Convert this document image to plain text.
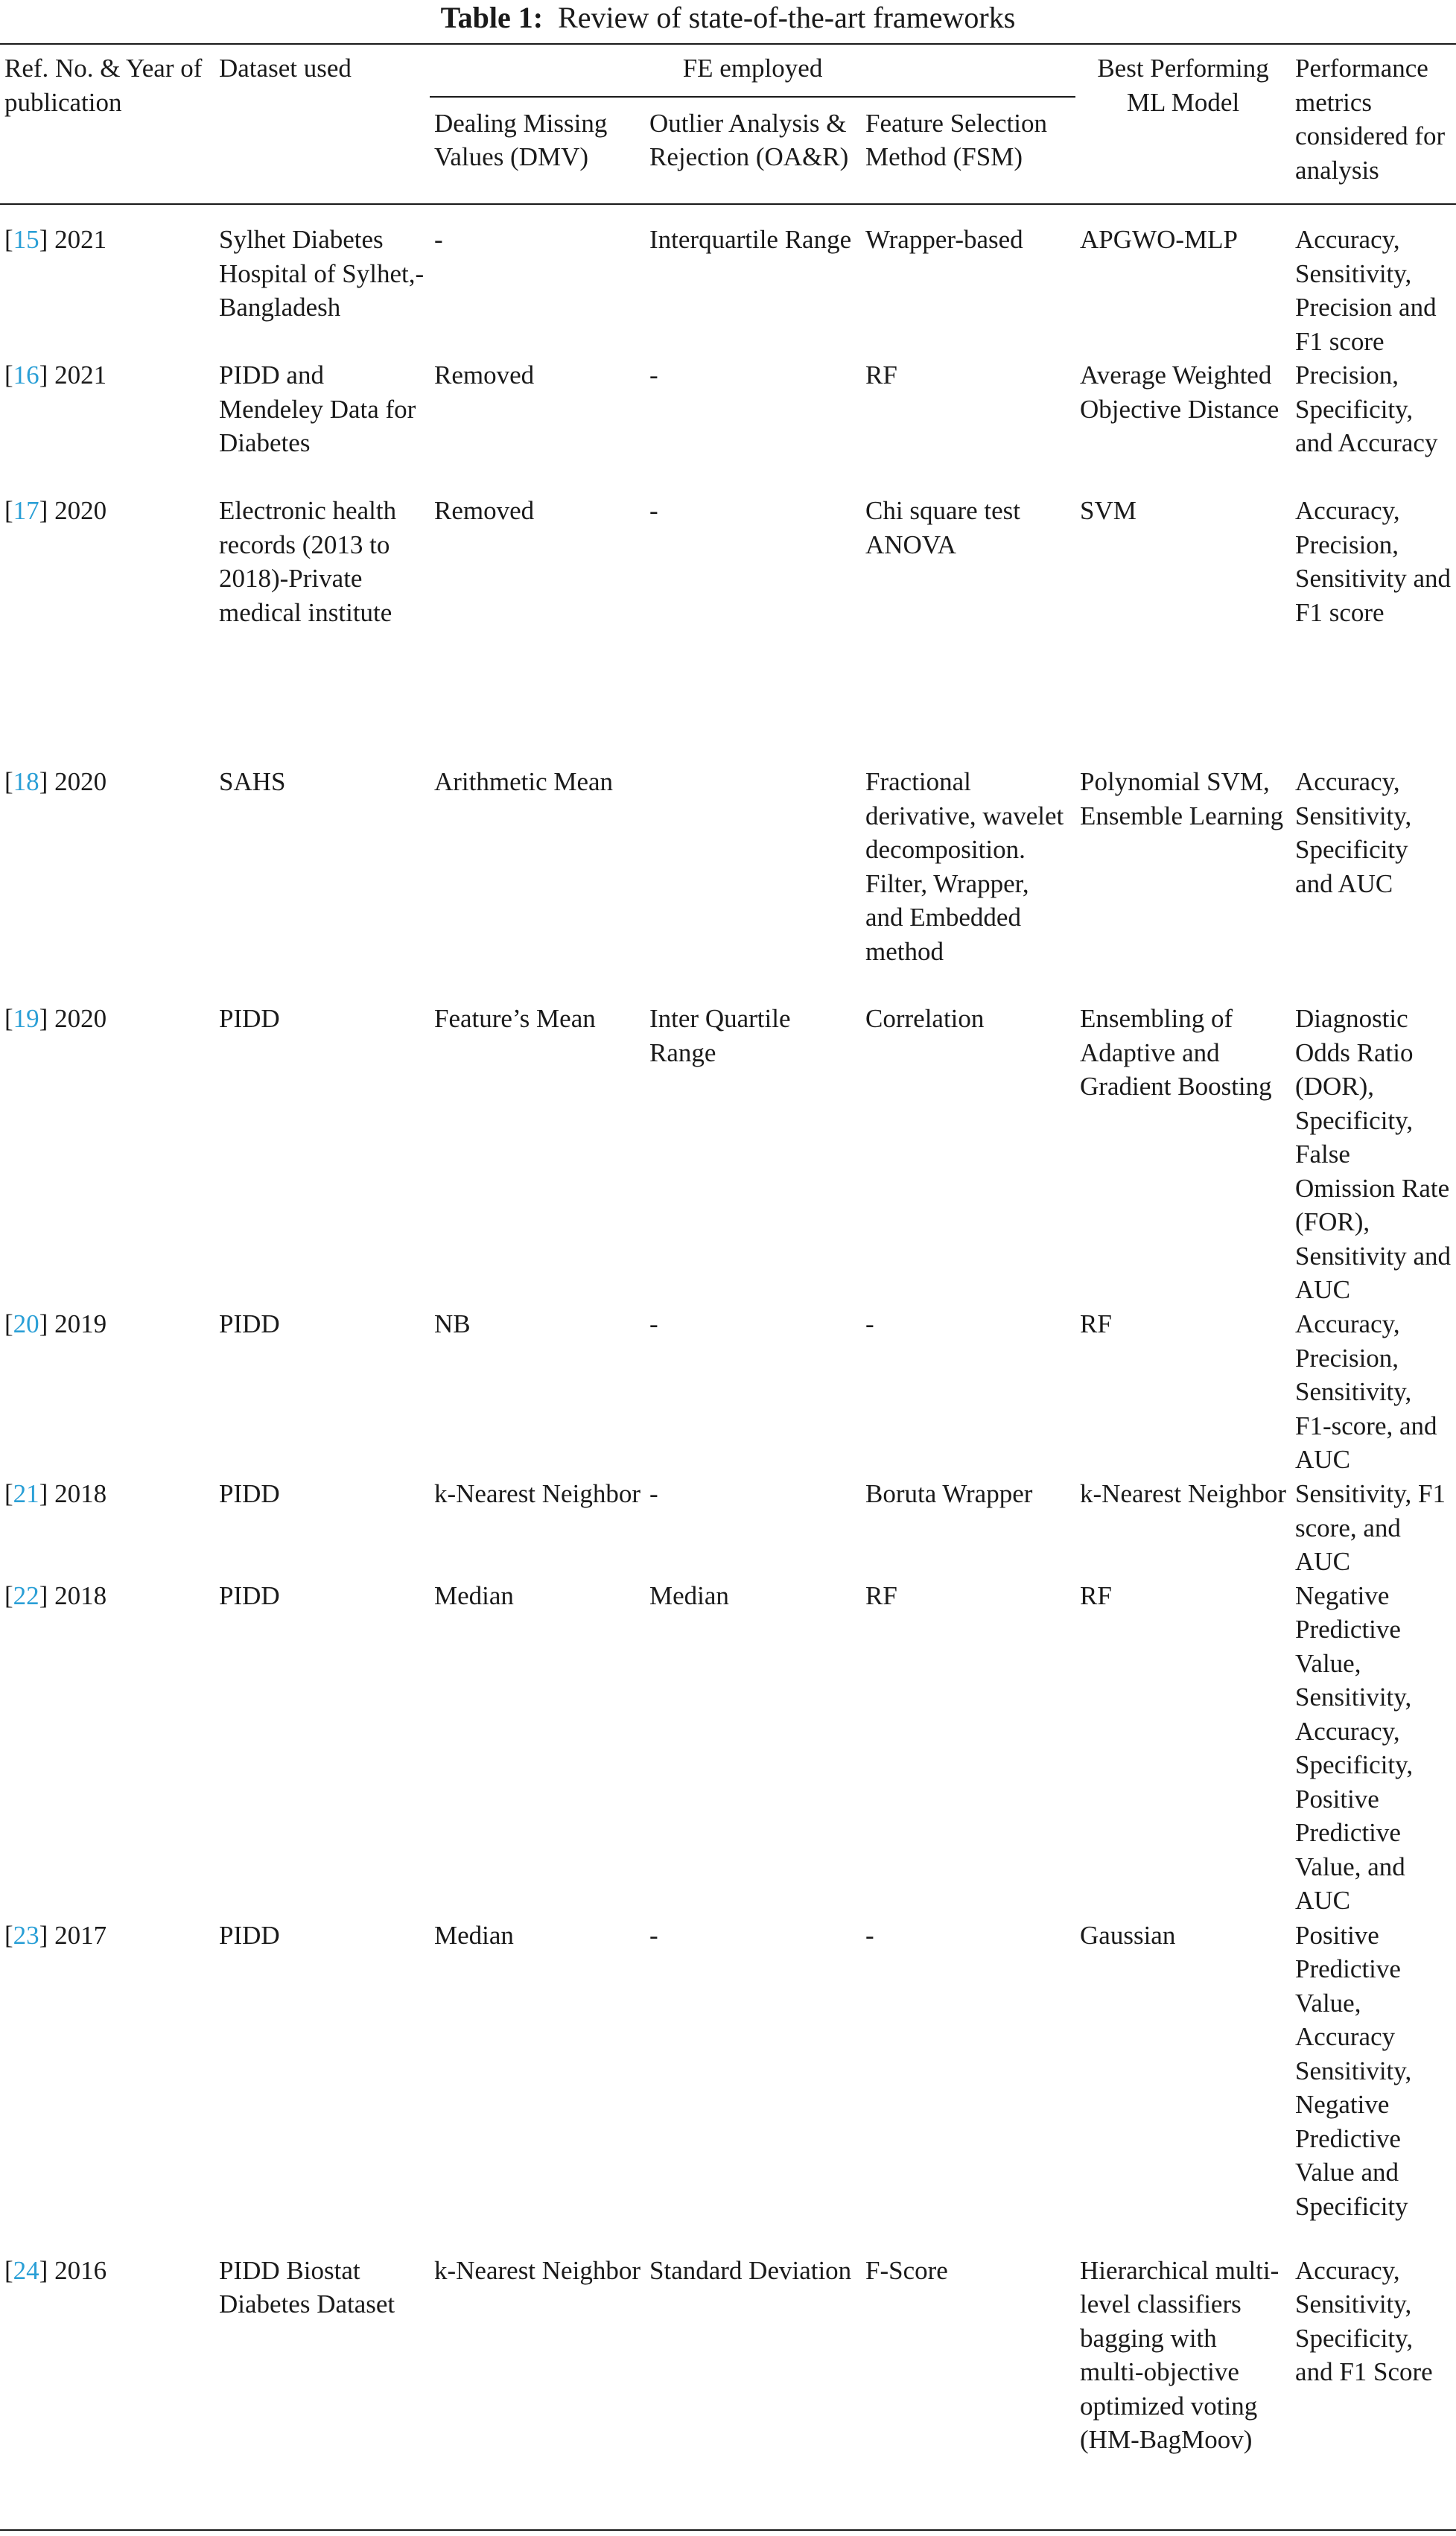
Table 1: Review of state-of-the-art frameworks
Ref. No. & Year of publication	Dataset used	FE employed			Best Performing ML Model	Performance metrics considered for analysis
		Dealing Missing Values (DMV)	Outlier Analysis & Rejection (OA&R)	Feature Selection Method (FSM)		
[15] 2021	Sylhet Diabetes Hospital of Sylhet,-Bangladesh	-	Interquartile Range	Wrapper-based	APGWO-MLP	Accuracy, Sensitivity, Precision and F1 score
[16] 2021	PIDD and Mendeley Data for Diabetes	Removed	-	RF	Average Weighted Objective Distance	Precision, Specificity, and Accuracy
[17] 2020	Electronic health records (2013 to 2018)-Private medical institute	Removed	-	Chi square test ANOVA	SVM	Accuracy, Precision, Sensitivity and F1 score
[18] 2020	SAHS	Arithmetic Mean		Fractional derivative, wavelet decomposition. Filter, Wrapper, and Embedded method	Polynomial SVM, Ensemble Learning	Accuracy, Sensitivity, Specificity and AUC
[19] 2020	PIDD	Feature’s Mean	Inter Quartile Range	Correlation	Ensembling of Adaptive and Gradient Boosting	Diagnostic Odds Ratio (DOR), Specificity, False Omission Rate (FOR), Sensitivity and AUC
[20] 2019	PIDD	NB	-	-	RF	Accuracy, Precision, Sensitivity, F1-score, and AUC
[21] 2018	PIDD	k-Nearest Neighbor	-	Boruta Wrapper	k-Nearest Neighbor	Sensitivity, F1 score, and AUC
[22] 2018	PIDD	Median	Median	RF	RF	Negative Predictive Value, Sensitivity, Accuracy, Specificity, Positive Predictive Value, and AUC
[23] 2017	PIDD	Median	-	-	Gaussian	Positive Predictive Value, Accuracy Sensitivity, Negative Predictive Value and Specificity
[24] 2016	PIDD Biostat Diabetes Dataset	k-Nearest Neighbor	Standard Deviation	F-Score	Hierarchical multi-level classifiers bagging with multi-objective optimized voting (HM-BagMoov)	Accuracy, Sensitivity, Specificity, and F1 Score
